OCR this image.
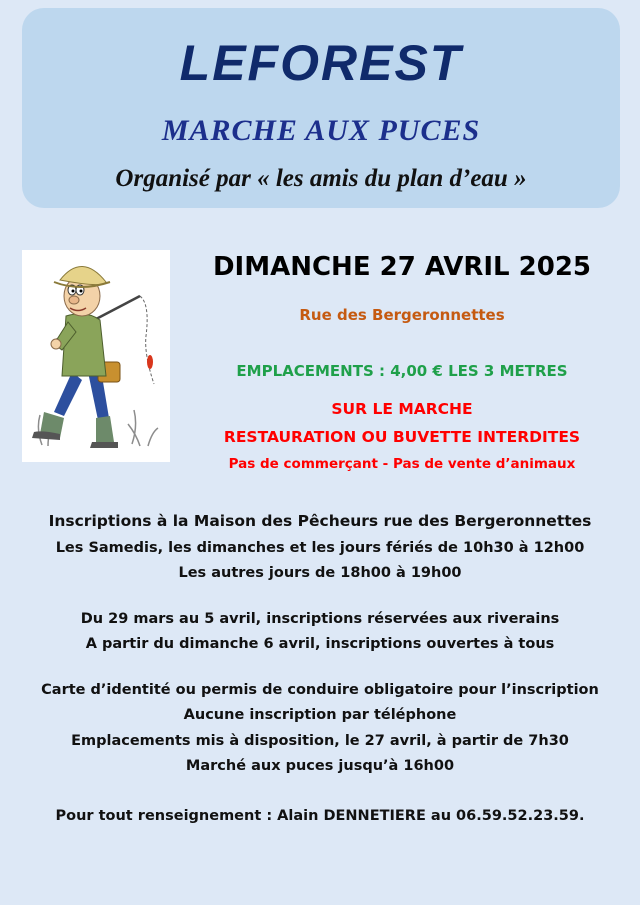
LEFOREST
MARCHE AUX PUCES
Organisé par « les amis du plan d’eau »
DIMANCHE 27 AVRIL 2025
Rue des Bergeronnettes
EMPLACEMENTS : 4,00 € LES 3 METRES
SUR LE MARCHE
RESTAURATION OU BUVETTE INTERDITES
Pas de commerçant - Pas de vente d’animaux
Inscriptions à la Maison des Pêcheurs rue des Bergeronnettes
Les Samedis, les dimanches et les jours fériés de 10h30 à 12h00
Les autres jours de 18h00 à 19h00
Du 29 mars au 5 avril, inscriptions réservées aux riverains
A partir du dimanche 6 avril, inscriptions ouvertes à tous
Carte d’identité ou permis de conduire obligatoire pour l’inscription
Aucune inscription par téléphone
Emplacements mis à disposition, le 27 avril, à partir de 7h30
Marché aux puces jusqu’à 16h00
Pour tout renseignement : Alain DENNETIERE au 06.59.52.23.59.
